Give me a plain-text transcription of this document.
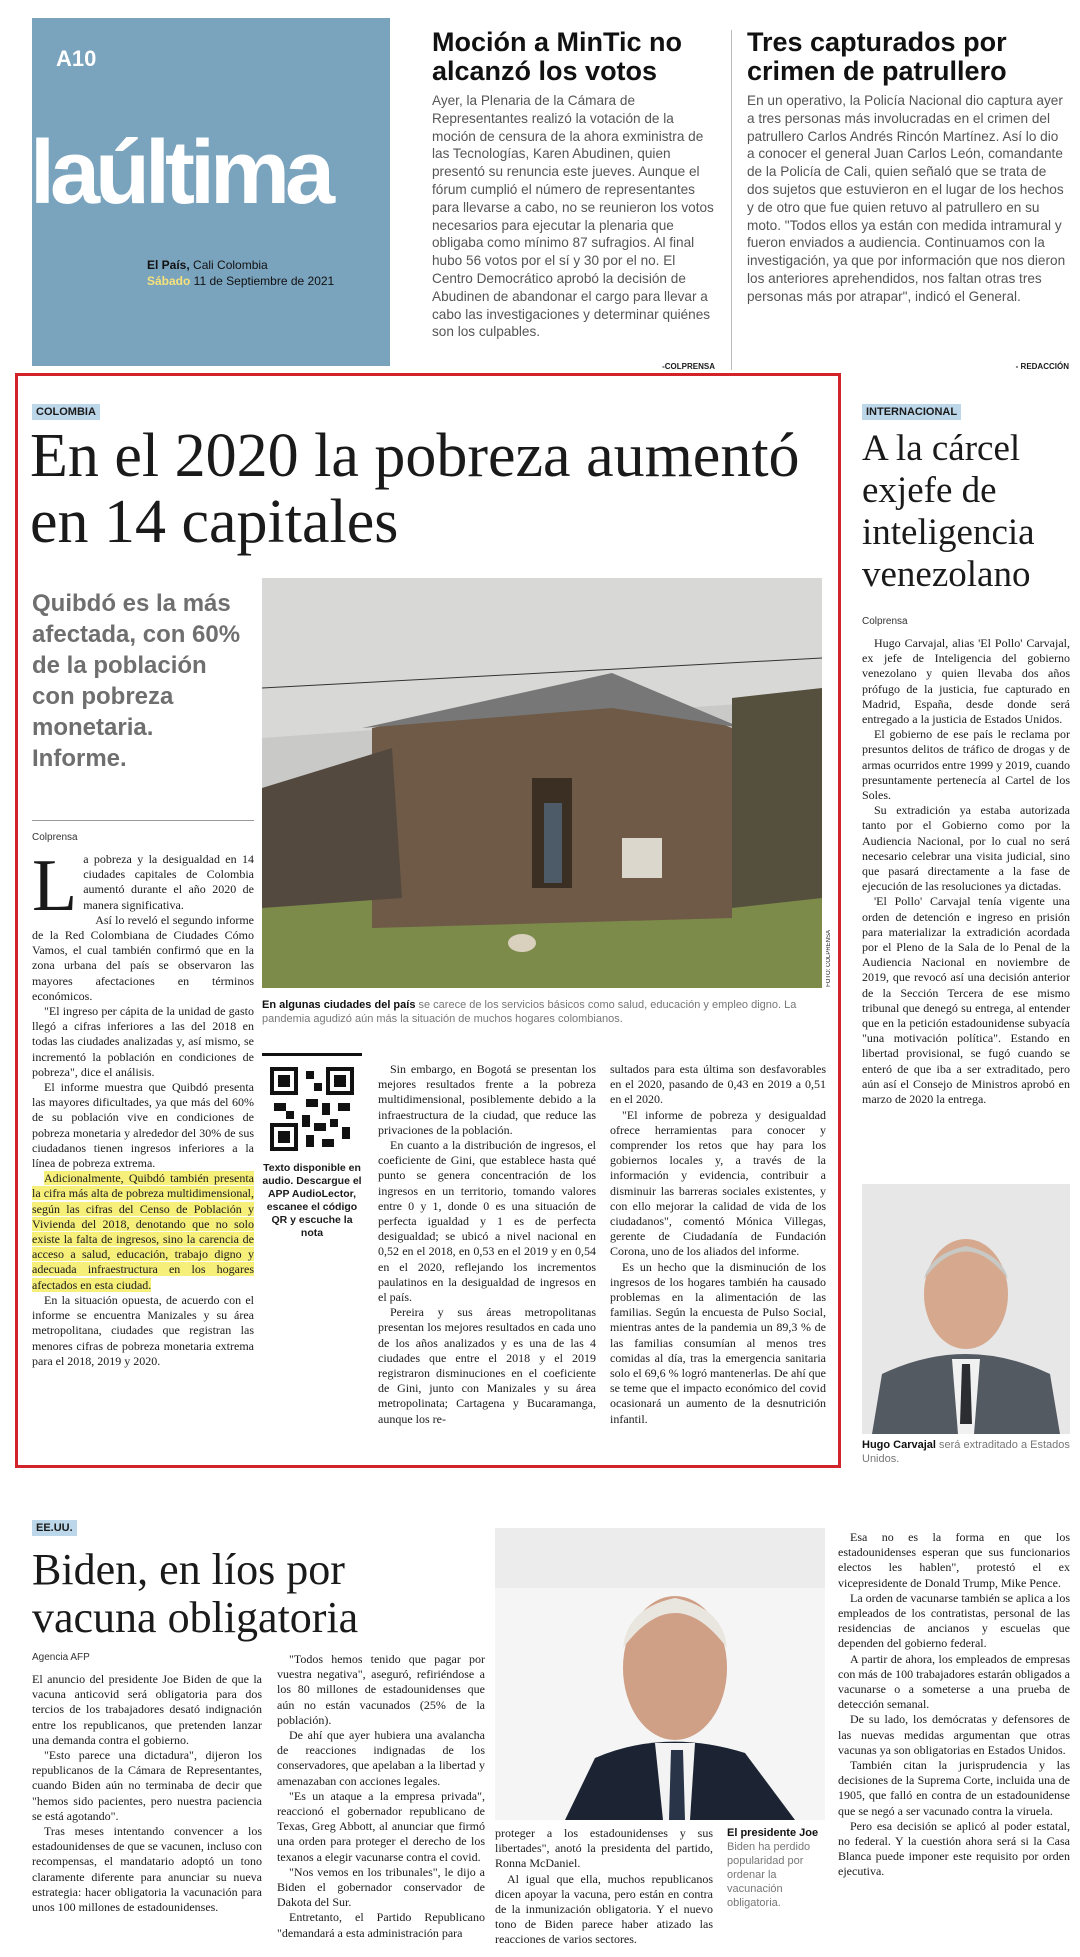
A10
laúltima
El País, Cali Colombia
Sábado 11 de Septiembre de 2021
Moción a MinTic no alcanzó los votos
Ayer, la Plenaria de la Cámara de Representantes realizó la votación de la moción de censura de la ahora exministra de las Tecnologías, Karen Abudinen, quien presentó su renuncia este jueves. Aunque el fórum cumplió el número de representantes para llevarse a cabo, no se reunieron los votos necesarios para ejecutar la plenaria que obligaba como mínimo 87 sufragios. Al final hubo 56 votos por el sí y 30 por el no. El Centro Democrático aprobó la decisión de Abudinen de abandonar el cargo para llevar a cabo las investigaciones y determinar quiénes son los culpables.
-COLPRENSA
Tres capturados por crimen de patrullero
En un operativo, la Policía Nacional dio captura ayer a tres personas más involucradas en el crimen del patrullero Carlos Andrés Rincón Martínez. Así lo dio a conocer el general Juan Carlos León, comandante de la Policía de Cali, quien señaló que se trata de dos sujetos que estuvieron en el lugar de los hechos y de otro que fue quien retuvo al patrullero en su moto. "Todos ellos ya están con medida intramural y fueron enviados a audiencia. Continuamos con la investigación, ya que por información que nos dieron los anteriores aprehendidos, nos faltan otras tres personas más por atrapar", indicó el General.
- REDACCIÓN
COLOMBIA
En el 2020 la pobreza aumentó en 14 capitales
Quibdó es la más afectada, con 60% de la población con pobreza monetaria. Informe.
Colprensa
L a pobreza y la desigualdad en 14 ciudades capitales de Colombia aumentó durante el año 2020 de manera significativa.

Así lo reveló el segundo informe de la Red Colombiana de Ciudades Cómo Vamos, el cual también confirmó que en la zona urbana del país se observaron las mayores afectaciones en términos económicos.

"El ingreso per cápita de la unidad de gasto llegó a cifras inferiores a las del 2018 en todas las ciudades analizadas y, así mismo, se incrementó la población en condiciones de pobreza", dice el análisis.

El informe muestra que Quibdó presenta las mayores dificultades, ya que más del 60% de su población vive en condiciones de pobreza monetaria y alrededor del 30% de sus ciudadanos tienen ingresos inferiores a la línea de pobreza extrema.

Adicionalmente, Quibdó también presenta la cifra más alta de pobreza multidimensional, según las cifras del Censo de Población y Vivienda del 2018, denotando que no solo existe la falta de ingresos, sino la carencia de acceso a salud, educación, trabajo digno y adecuada infraestructura en los hogares afectados en esta ciudad.

En la situación opuesta, de acuerdo con el informe se encuentra Manizales y su área metropolitana, ciudades que registran las menores cifras de pobreza monetaria extrema para el 2018, 2019 y 2020.

FOTO: COLPRENSA
En algunas ciudades del país se carece de los servicios básicos como salud, educación y empleo digno. La pandemia agudizó aún más la situación de muchos hogares colombianos.
Texto disponible en audio. Descargue el APP AudioLector, escanee el código QR y escuche la nota

Sin embargo, en Bogotá se presentan los mejores resultados frente a la pobreza multidimensional, posiblemente debido a la infraestructura de la ciudad, que reduce las privaciones de la población.

En cuanto a la distribución de ingresos, el coeficiente de Gini, que establece hasta qué punto se genera concentración de los ingresos en un territorio, tomando valores entre 0 y 1, donde 0 es una situación de perfecta igualdad y 1 es de perfecta desigualdad; se ubicó a nivel nacional en 0,52 en el 2018, en 0,53 en el 2019 y en 0,54 en el 2020, reflejando los incrementos paulatinos en la desigualdad de ingresos en el país.

Pereira y sus áreas metropolitanas presentan los mejores resultados en cada uno de los años analizados y es una de las 4 ciudades que entre el 2018 y el 2019 registraron disminuciones en el coeficiente de Gini, junto con Manizales y su área metropolinata; Cartagena y Bucaramanga, aunque los re-

sultados para esta última son desfavorables en el 2020, pasando de 0,43 en 2019 a 0,51 en el 2020.

"El informe de pobreza y desigualdad ofrece herramientas para conocer y comprender los retos que hay para los gobiernos locales y, a través de la información y evidencia, contribuir a disminuir las barreras sociales existentes, y con ello mejorar la calidad de vida de los ciudadanos", comentó Mónica Villegas, gerente de Ciudadanía de Fundación Corona, uno de los aliados del informe.

Es un hecho que la disminución de los ingresos de los hogares también ha causado problemas en la alimentación de las familias. Según la encuesta de Pulso Social, mientras antes de la pandemia un 89,3 % de las familias consumían al menos tres comidas al día, tras la emergencia sanitaria solo el 69,6 % logró mantenerlas. De ahí que se teme que el impacto económico del covid ocasionará un aumento de la desnutrición infantil.

INTERNACIONAL
A la cárcel exjefe de inteligencia venezolano
Colprensa

Hugo Carvajal, alias 'El Pollo' Carvajal, ex jefe de Inteligencia del gobierno venezolano y quien llevaba dos años prófugo de la justicia, fue capturado en Madrid, España, desde donde será entregado a la justicia de Estados Unidos.

El gobierno de ese país le reclama por presuntos delitos de tráfico de drogas y de armas ocurridos entre 1999 y 2019, cuando presuntamente pertenecía al Cartel de los Soles.

Su extradición ya estaba autorizada tanto por el Gobierno como por la Audiencia Nacional, por lo cual no será necesario celebrar una visita judicial, sino que pasará directamente a la fase de ejecución de las resoluciones ya dictadas.

'El Pollo' Carvajal tenía vigente una orden de detención e ingreso en prisión para materializar la extradición acordada por el Pleno de la Sala de lo Penal de la Audiencia Nacional en noviembre de 2019, que revocó así una decisión anterior de la Sección Tercera de ese mismo tribunal que denegó su entrega, al entender que en la petición estadounidense subyacía "una motivación política". Estando en libertad provisional, se fugó cuando se enteró de que iba a ser extraditado, pero aún así el Consejo de Ministros aprobó en marzo de 2020 la entrega.

Hugo Carvajal será extraditado a Estados Unidos.
EE.UU.
Biden, en líos por vacuna obligatoria
Agencia AFP

El anuncio del presidente Joe Biden de que la vacuna anticovid será obligatoria para dos tercios de los trabajadores desató indignación entre los republicanos, que pretenden lanzar una demanda contra el gobierno.

"Esto parece una dictadura", dijeron los republicanos de la Cámara de Representantes, cuando Biden aún no terminaba de decir que "hemos sido pacientes, pero nuestra paciencia se está agotando".

Tras meses intentando convencer a los estadounidenses de que se vacunen, incluso con recompensas, el mandatario adoptó un tono claramente diferente para anunciar su nueva estrategia: hacer obligatoria la vacunación para unos 100 millones de estadounidenses.

"Todos hemos tenido que pagar por vuestra negativa", aseguró, refiriéndose a los 80 millones de estadounidenses que aún no están vacunados (25% de la población).

De ahí que ayer hubiera una avalancha de reacciones indignadas de los conservadores, que apelaban a la libertad y amenazaban con acciones legales.

"Es un ataque a la empresa privada", reaccionó el gobernador republicano de Texas, Greg Abbott, al anunciar que firmó una orden para proteger el derecho de los texanos a elegir vacunarse contra el covid.

"Nos vemos en los tribunales", le dijo a Biden el gobernador conservador de Dakota del Sur.

Entretanto, el Partido Republicano "demandará a esta administración para

proteger a los estadounidenses y sus libertades", anotó la presidenta del partido, Ronna McDaniel.

Al igual que ella, muchos republicanos dicen apoyar la vacuna, pero están en contra de la inmunización obligatoria. Y el nuevo tono de Biden parece haber atizado las reacciones de varios sectores.

El presidente Joe
Biden ha perdido popularidad por ordenar la vacunación obligatoria.

Esa no es la forma en que los estadounidenses esperan que sus funcionarios electos les hablen", protestó el ex vicepresidente de Donald Trump, Mike Pence.

La orden de vacunarse también se aplica a los empleados de los contratistas, personal de las residencias de ancianos y escuelas que dependen del gobierno federal.

A partir de ahora, los empleados de empresas con más de 100 trabajadores estarán obligados a vacunarse o a someterse a una prueba de detección semanal.

De su lado, los demócratas y defensores de las nuevas medidas argumentan que otras vacunas ya son obligatorias en Estados Unidos.

También citan la jurisprudencia y las decisiones de la Suprema Corte, incluida una de 1905, que falló en contra de un estadounidense que se negó a ser vacunado contra la viruela.

Pero esa decisión se aplicó al poder estatal, no federal. Y la cuestión ahora será si la Casa Blanca puede imponer este requisito por orden ejecutiva.
